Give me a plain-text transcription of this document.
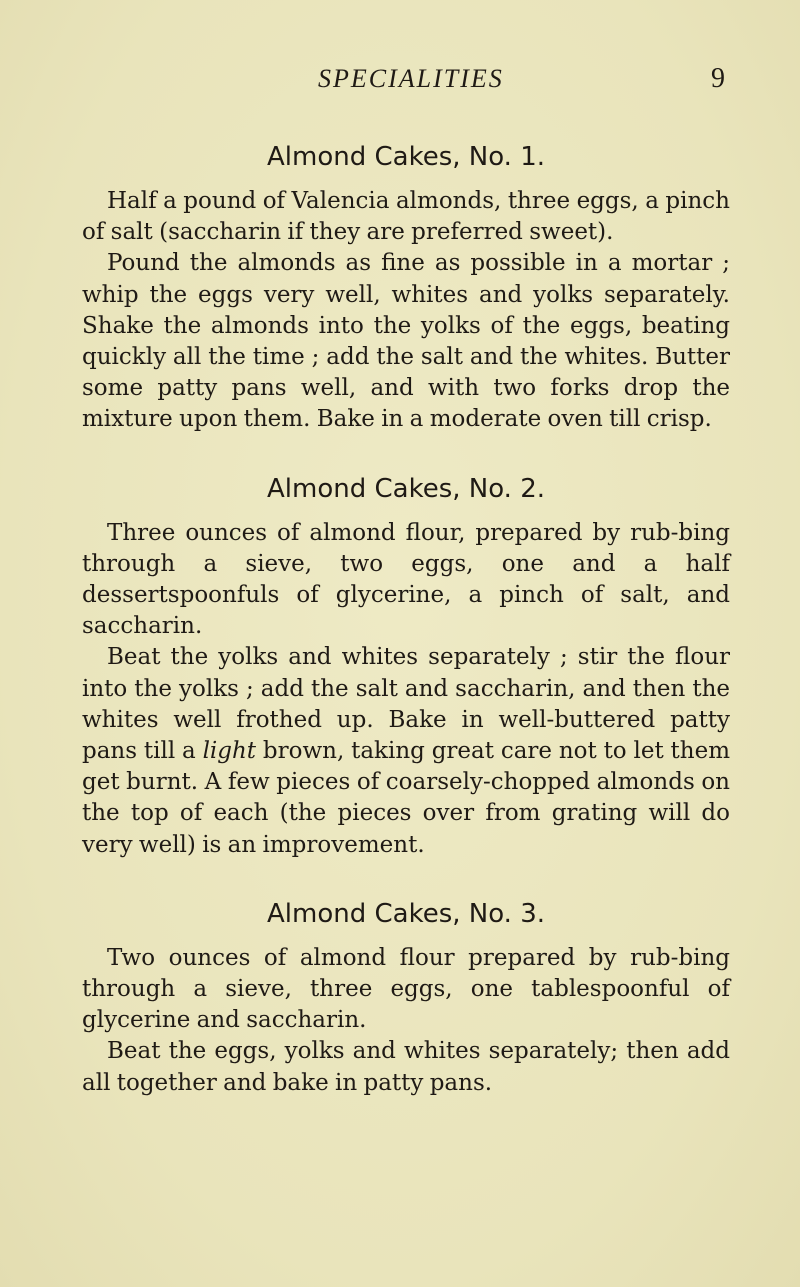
SPECIALITIES	9
Almond Cakes, No. 1.

Half a pound of Valencia almonds, three eggs, a pinch of salt (saccharin if they are preferred sweet).

Pound the almonds as fine as possible in a mortar ; whip the eggs very well, whites and yolks separately. Shake the almonds into the yolks of the eggs, beating quickly all the time ; add the salt and the whites. Butter some patty pans well, and with two forks drop the mixture upon them. Bake in a moderate oven till crisp.

Almond Cakes, No. 2.

Three ounces of almond flour, prepared by rub-bing through a sieve, two eggs, one and a half dessertspoonfuls of glycerine, a pinch of salt, and saccharin.

Beat the yolks and whites separately ; stir the flour into the yolks ; add the salt and saccharin, and then the whites well frothed up. Bake in well-buttered patty pans till a light brown, taking great care not to let them get burnt. A few pieces of coarsely-chopped almonds on the top of each (the pieces over from grating will do very well) is an improvement.

Almond Cakes, No. 3.

Two ounces of almond flour prepared by rub-bing through a sieve, three eggs, one tablespoonful of glycerine and saccharin.

Beat the eggs, yolks and whites separately; then add all together and bake in patty pans.
